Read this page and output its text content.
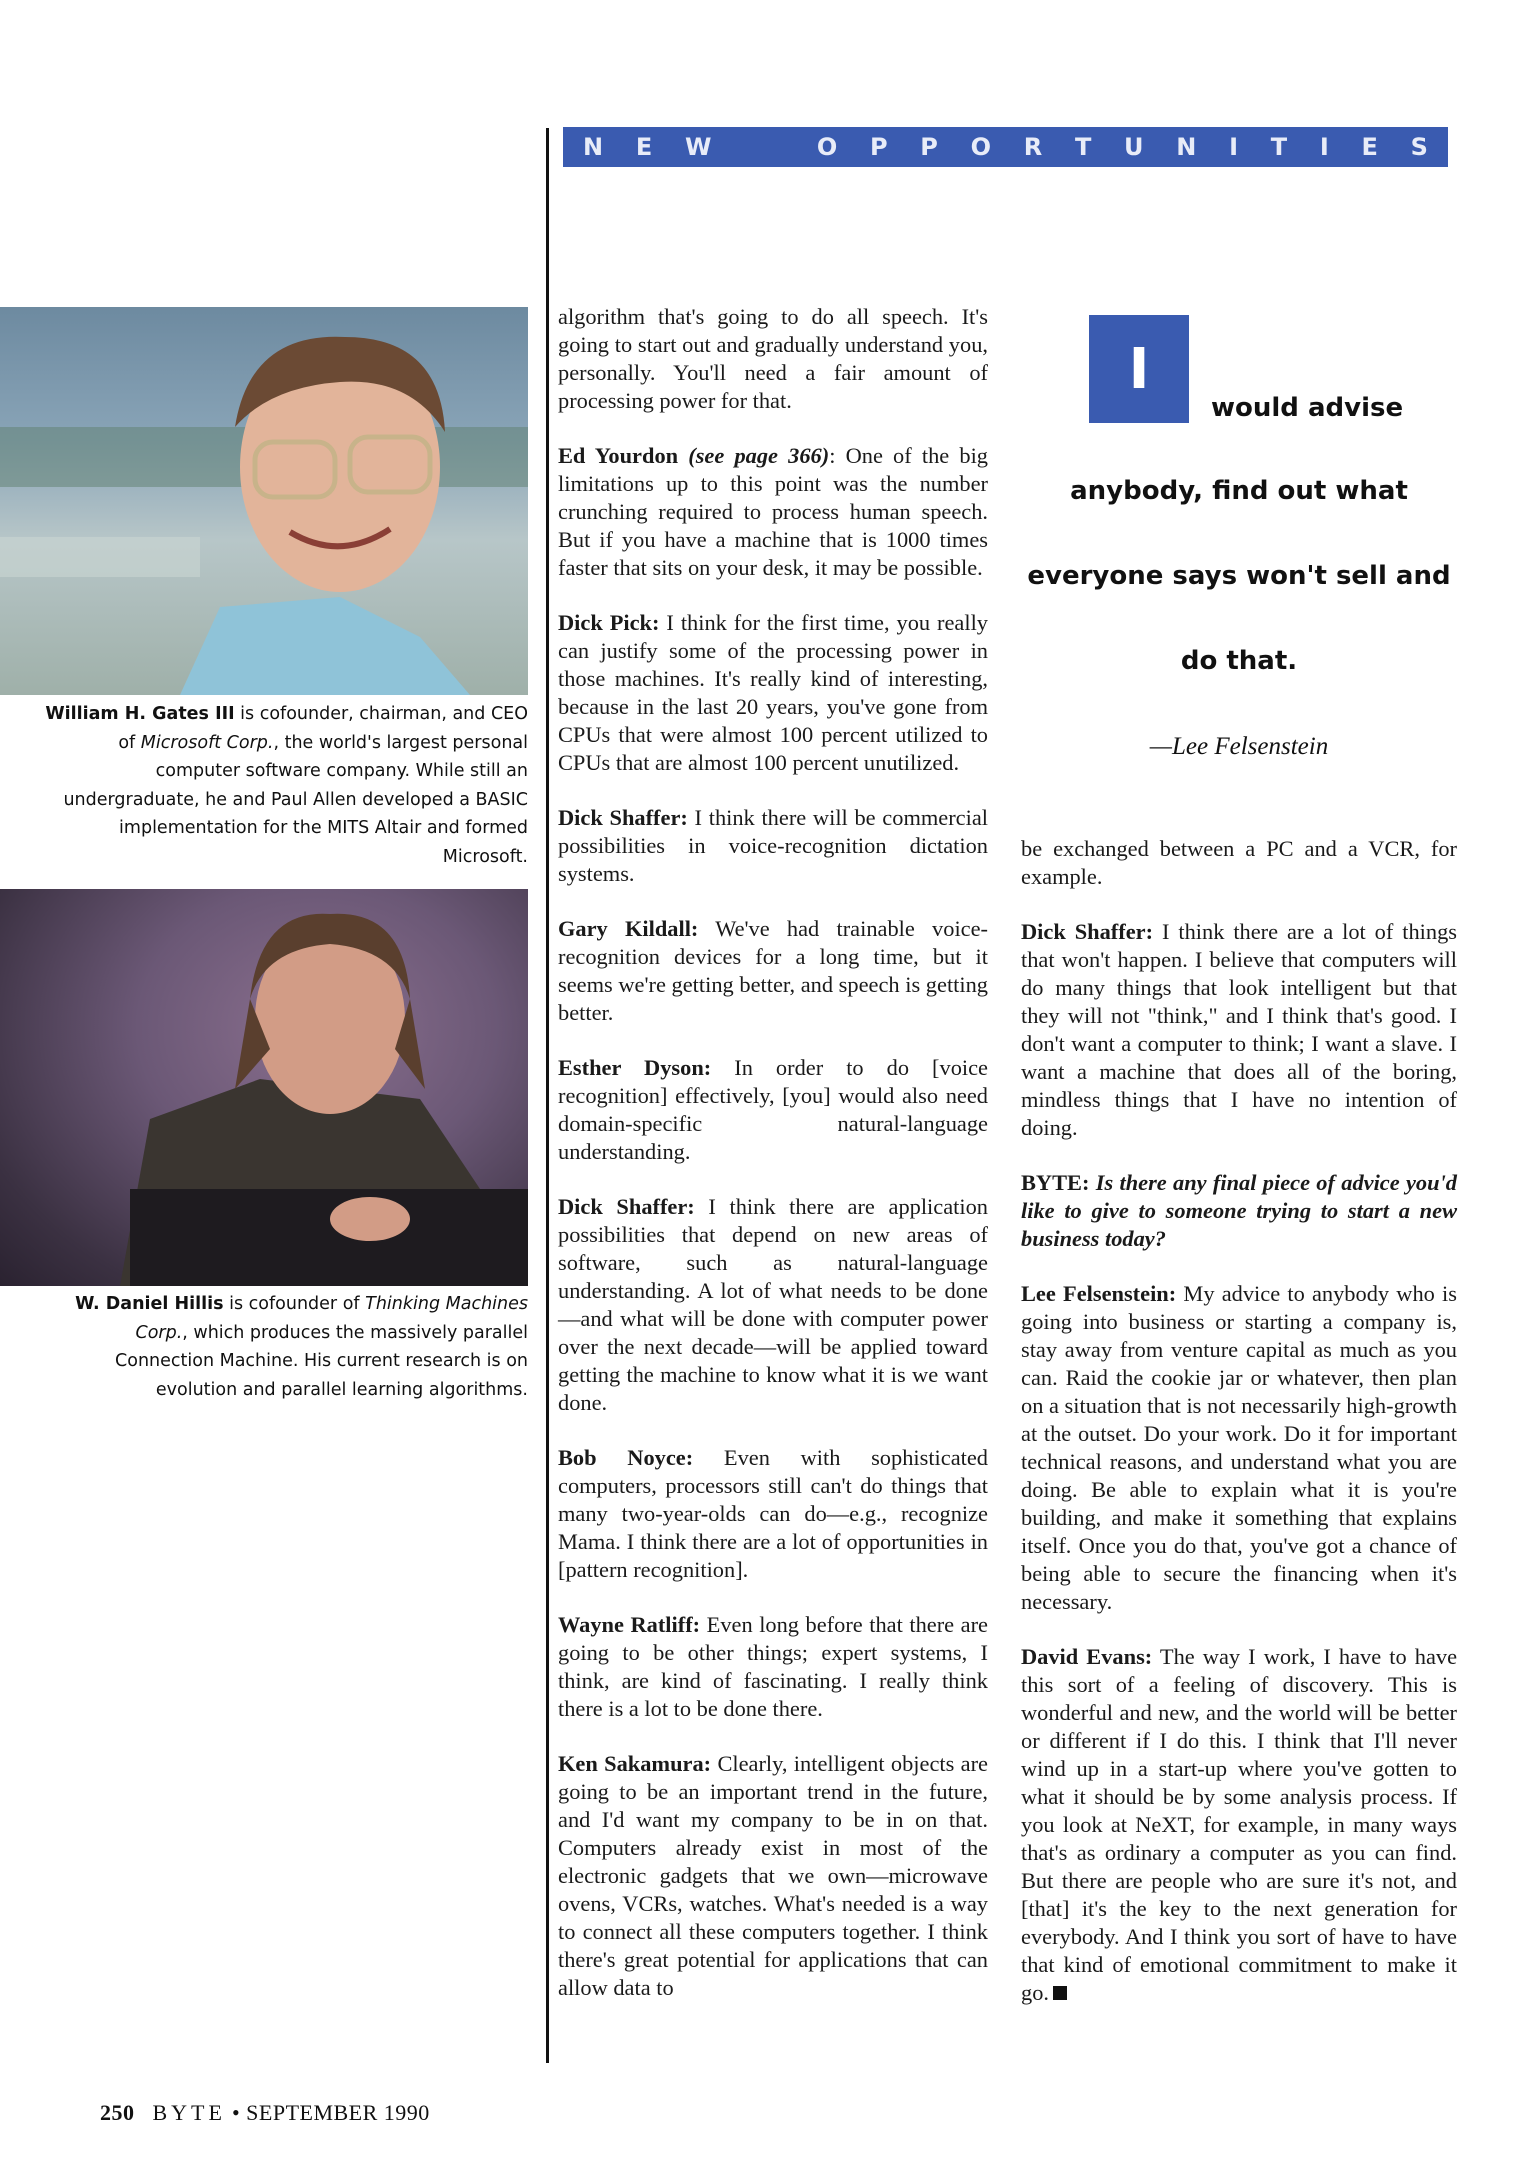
N E W	O P P O R T U N I T I E S
William H. Gates III is cofounder, chairman, and CEO of Microsoft Corp., the world's largest personal computer software company. While still an undergraduate, he and Paul Allen developed a BASIC implementation for the MITS Altair and formed Microsoft.
W. Daniel Hillis is cofounder of Thinking Machines Corp., which produces the massively parallel Connection Machine. His current research is on evolution and parallel learning algorithms.

algorithm that's going to do all speech. It's going to start out and gradually understand you, personally. You'll need a fair amount of processing power for that.

Ed Yourdon (see page 366): One of the big limitations up to this point was the number crunching required to process human speech. But if you have a machine that is 1000 times faster that sits on your desk, it may be possible.

Dick Pick: I think for the first time, you really can justify some of the processing power in those machines. It's really kind of interesting, because in the last 20 years, you've gone from CPUs that were almost 100 percent utilized to CPUs that are almost 100 percent unutilized.

Dick Shaffer: I think there will be commercial possibilities in voice-recognition dictation systems.

Gary Kildall: We've had trainable voice-recognition devices for a long time, but it seems we're getting better, and speech is getting better.

Esther Dyson: In order to do [voice recognition] effectively, [you] would also need domain-specific natural-language understanding.

Dick Shaffer: I think there are application possibilities that depend on new areas of software, such as natural-language understanding. A lot of what needs to be done—and what will be done with computer power over the next decade—will be applied toward getting the machine to know what it is we want done.

Bob Noyce: Even with sophisticated computers, processors still can't do things that many two-year-olds can do—e.g., recognize Mama. I think there are a lot of opportunities in [pattern recognition].

Wayne Ratliff: Even long before that there are going to be other things; expert systems, I think, are kind of fascinating. I really think there is a lot to be done there.

Ken Sakamura: Clearly, intelligent objects are going to be an important trend in the future, and I'd want my company to be in on that. Computers already exist in most of the electronic gadgets that we own—microwave ovens, VCRs, watches. What's needed is a way to connect all these computers together. I think there's great potential for applications that can allow data to

I
would advise
anybody, find out what
everyone says won't sell and
do that.
—Lee Felsenstein

be exchanged between a PC and a VCR, for example.

Dick Shaffer: I think there are a lot of things that won't happen. I believe that computers will do many things that look intelligent but that they will not "think," and I think that's good. I don't want a computer to think; I want a slave. I want a machine that does all of the boring, mindless things that I have no intention of doing.

BYTE: Is there any final piece of advice you'd like to give to someone trying to start a new business today?

Lee Felsenstein: My advice to anybody who is going into business or starting a company is, stay away from venture capital as much as you can. Raid the cookie jar or whatever, then plan on a situation that is not necessarily high-growth at the outset. Do your work. Do it for important technical reasons, and understand what you are doing. Be able to explain what it is you're building, and make it something that explains itself. Once you do that, you've got a chance of being able to secure the financing when it's necessary.

David Evans: The way I work, I have to have this sort of a feeling of discovery. This is wonderful and new, and the world will be better or different if I do this. I think that I'll never wind up in a start-up where you've gotten to what it should be by some analysis process. If you look at NeXT, for example, in many ways that's as ordinary a computer as you can find. But there are people who are sure it's not, and [that] it's the key to the next generation for everybody. And I think you sort of have to have that kind of emotional commitment to make it go.

250 BYTE • SEPTEMBER 1990
